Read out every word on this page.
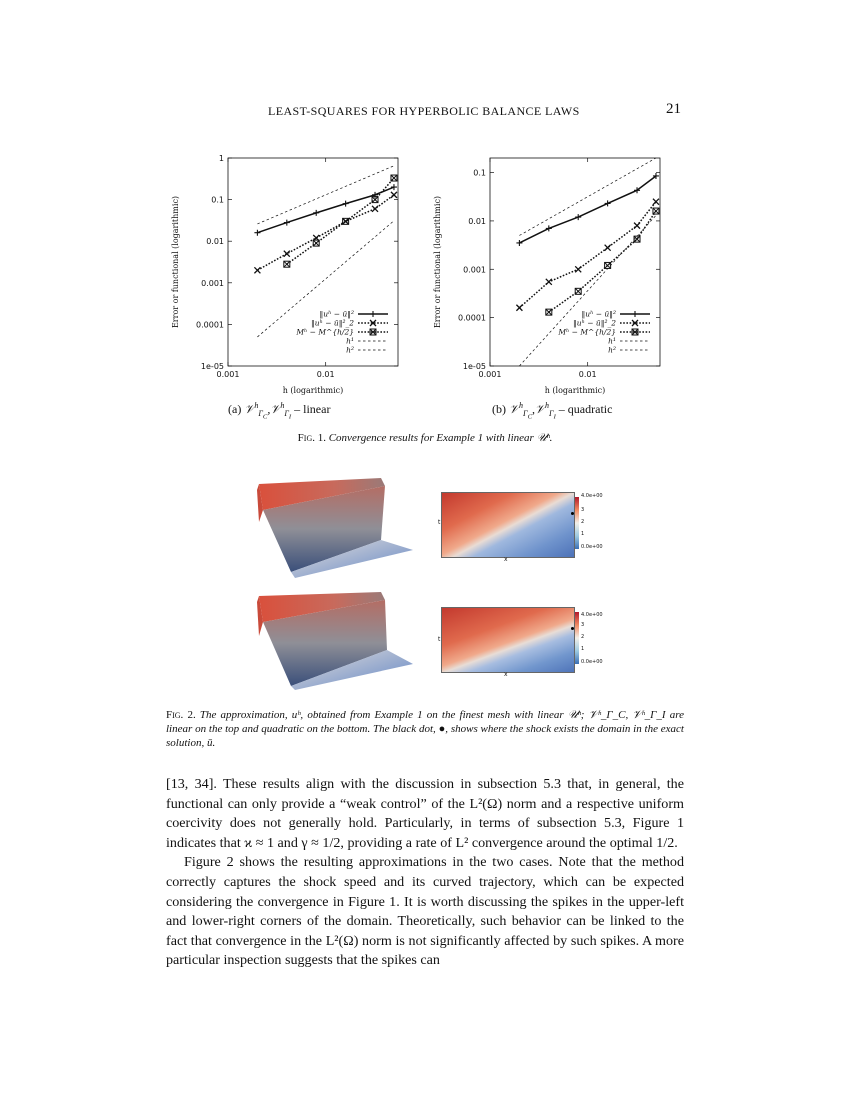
LEAST-SQUARES FOR HYPERBOLIC BALANCE LAWS	21
1e-05
0.0001
0.001
0.01
0.1
1
0.001	0.01
h (logarithmic)
Error or functional (logarithmic)	‖uʰ − ū‖²
‖uʰ − ū‖²_2
Mʰ − M^{h/2}
h¹
h²
1e-05
0.0001
0.001
0.01
0.1
0.001	0.01
h (logarithmic)
Error or functional (logarithmic)	‖uʰ − ū‖²
‖uʰ − ū‖²_2
Mʰ − M^{h/2}
h¹
h²
(a) 𝒱$^h_{\Gamma_C}$,𝒱$^h_{\Gamma_I}$ – linear	(b) 𝒱$^h_{\Gamma_C}$,𝒱$^h_{\Gamma_I}$ – quadratic
Fig. 1. Convergence results for Example 1 with linear 𝒰ʰ.
4.0e+00
0.0e+00
3
2
1
t
x
4.0e+00
0.0e+00
3
2
1
t
x
Fig. 2. The approximation, uʰ, obtained from Example 1 on the finest mesh with linear 𝒰ʰ; 𝒱ʰ_Γ_C, 𝒱ʰ_Γ_I are linear on the top and quadratic on the bottom. The black dot, ●, shows where the shock exists the domain in the exact solution, ū.

[13, 34]. These results align with the discussion in subsection 5.3 that, in general, the functional can only provide a “weak control” of the L²(Ω) norm and a respective uniform coercivity does not generally hold. Particularly, in terms of subsection 5.3, Figure 1 indicates that ϰ ≈ 1 and γ ≈ 1/2, providing a rate of L² convergence around the optimal 1/2.

Figure 2 shows the resulting approximations in the two cases. Note that the method correctly captures the shock speed and its curved trajectory, which can be expected considering the convergence in Figure 1. It is worth discussing the spikes in the upper-left and lower-right corners of the domain. Theoretically, such behavior can be linked to the fact that convergence in the L²(Ω) norm is not significantly affected by such spikes. A more particular inspection suggests that the spikes can
